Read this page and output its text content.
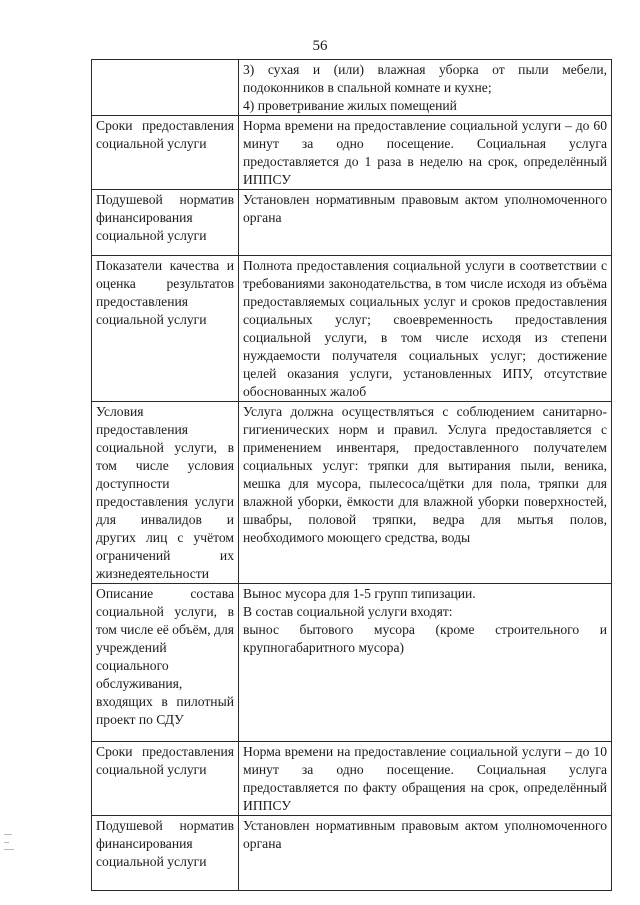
56

	3) сухая и (или) влажная уборка от пыли мебели, подоконников в спальной комнате и кухне;
4) проветривание жилых помещений

Сроки предоставления социальной услуги	Норма времени на предоставление социальной услуги – до 60 минут за одно посещение. Социальная услуга предоставляется до 1 раза в неделю на срок, определённый ИППСУ

Подушевой норматив финансирования социальной услуги	Установлен нормативным правовым актом уполномоченного органа

Показатели качества и оценка результатов предоставления социальной услуги	Полнота предоставления социальной услуги в соответствии с требованиями законодательства, в том числе исходя из объёма предоставляемых социальных услуг и сроков предоставления социальных услуг; своевременность предоставления социальной услуги, в том числе исходя из степени нуждаемости получателя социальных услуг; достижение целей оказания услуги, установленных ИПУ, отсутствие обоснованных жалоб

Условия предоставления социальной услуги, в том числе условия доступности предоставления услуги для инвалидов и других лиц с учётом ограничений их жизнедеятельности	Услуга должна осуществляться с соблюдением санитарно-гигиенических норм и правил. Услуга предоставляется с применением инвентаря, предоставленного получателем социальных услуг: тряпки для вытирания пыли, веника, мешка для мусора, пылесоса/щётки для пола, тряпки для влажной уборки, ёмкости для влажной уборки поверхностей, швабры, половой тряпки, ведра для мытья полов, необходимого моющего средства, воды

Описание состава социальной услуги, в том числе её объём, для учреждений социального обслуживания, входящих в пилотный проект по СДУ	Вынос мусора для 1-5 групп типизации.
В состав социальной услуги входят:
вынос бытового мусора (кроме строительного и крупногабаритного мусора)

Сроки предоставления социальной услуги	Норма времени на предоставление социальной услуги – до 10 минут за одно посещение. Социальная услуга предоставляется по факту обращения на срок, определённый ИППСУ

Подушевой норматив финансирования социальной услуги	Установлен нормативным правовым актом уполномоченного органа
